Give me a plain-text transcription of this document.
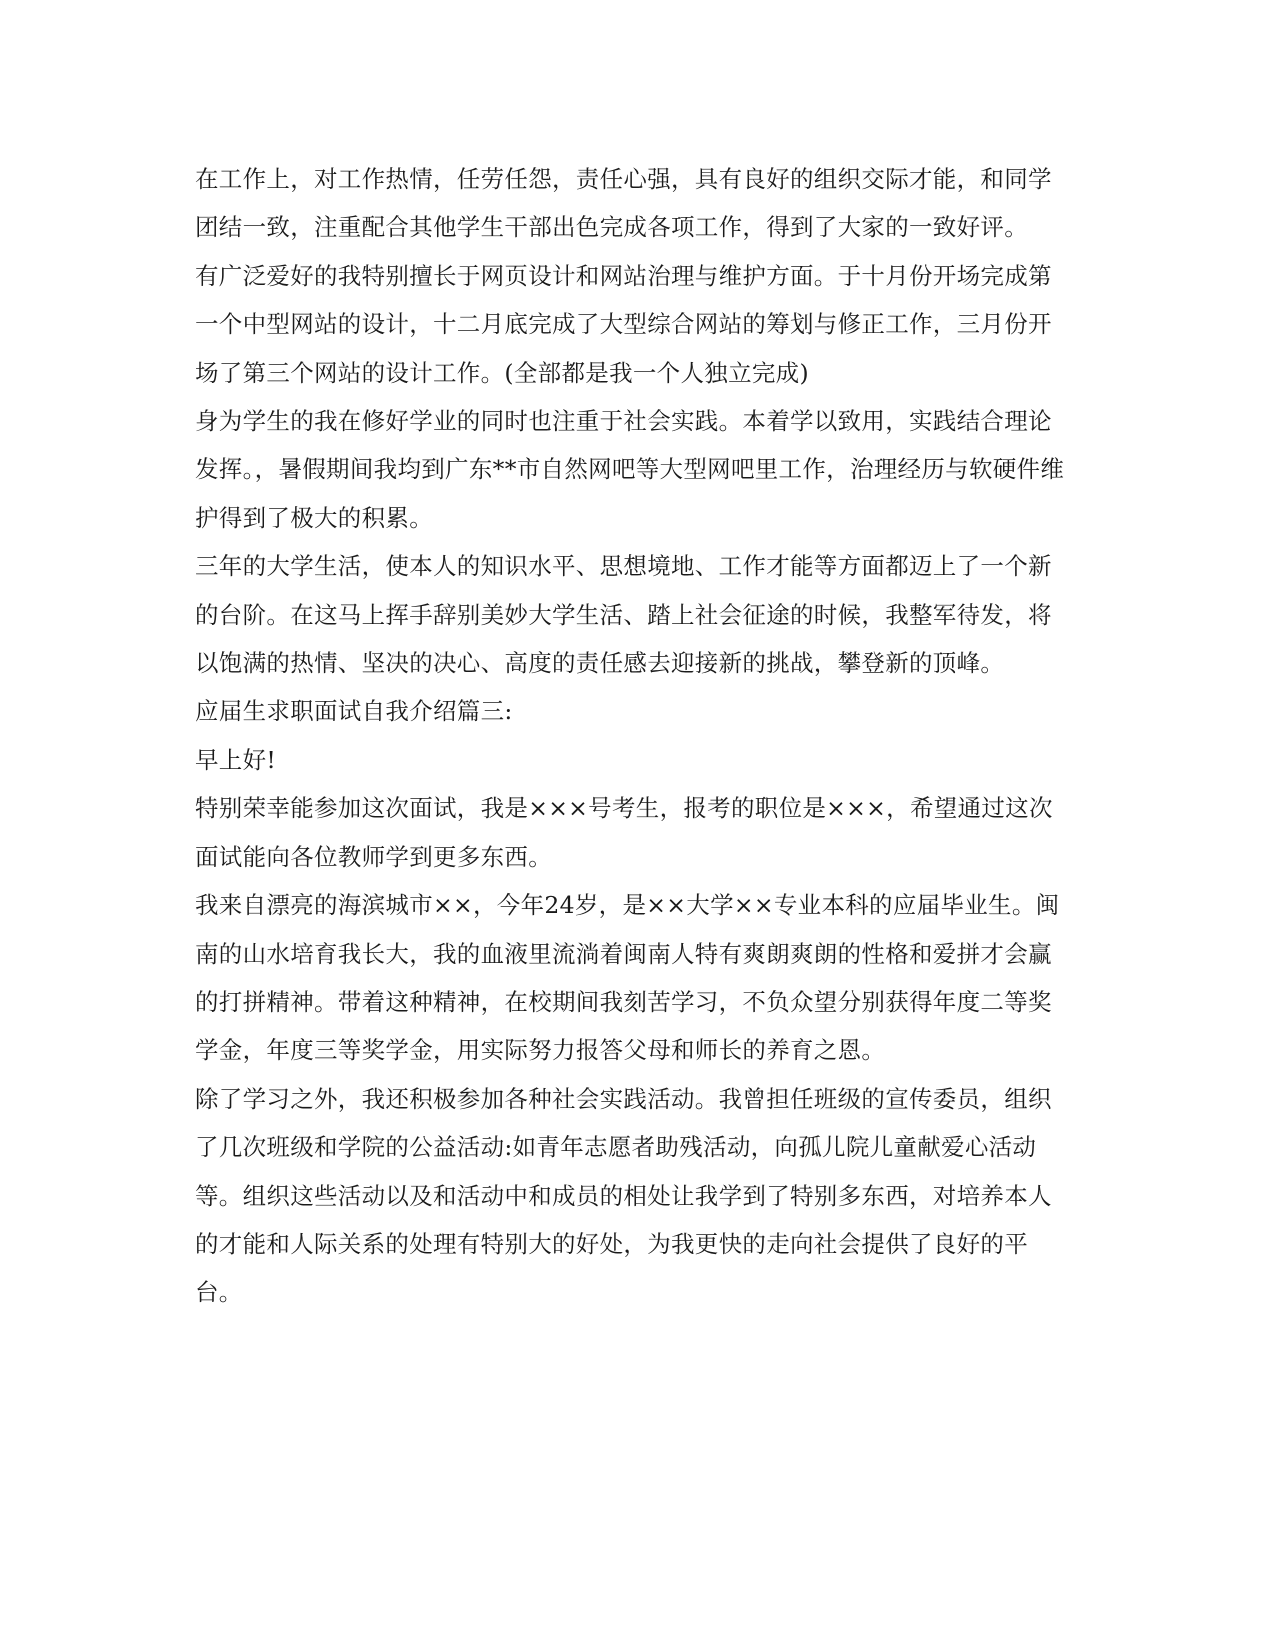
在工作上，对工作热情，任劳任怨，责任心强，具有良好的组织交际才能，和同学团结一致，注重配合其他学生干部出色完成各项工作，得到了大家的一致好评。

有广泛爱好的我特别擅长于网页设计和网站治理与维护方面。于十月份开场完成第一个中型网站的设计，十二月底完成了大型综合网站的筹划与修正工作，三月份开场了第三个网站的设计工作。(全部都是我一个人独立完成)

身为学生的我在修好学业的同时也注重于社会实践。本着学以致用，实践结合理论发挥。，暑假期间我均到广东**市自然网吧等大型网吧里工作，治理经历与软硬件维护得到了极大的积累。

三年的大学生活，使本人的知识水平、思想境地、工作才能等方面都迈上了一个新的台阶。在这马上挥手辞别美妙大学生活、踏上社会征途的时候，我整军待发，将以饱满的热情、坚决的决心、高度的责任感去迎接新的挑战，攀登新的顶峰。

应届生求职面试自我介绍篇三:

早上好!

特别荣幸能参加这次面试，我是×××号考生，报考的职位是×××，希望通过这次面试能向各位教师学到更多东西。

我来自漂亮的海滨城市××，今年24岁，是××大学××专业本科的应届毕业生。闽南的山水培育我长大，我的血液里流淌着闽南人特有爽朗爽朗的性格和爱拼才会赢的打拼精神。带着这种精神，在校期间我刻苦学习，不负众望分别获得年度二等奖学金，年度三等奖学金，用实际努力报答父母和师长的养育之恩。

除了学习之外，我还积极参加各种社会实践活动。我曾担任班级的宣传委员，组织了几次班级和学院的公益活动:如青年志愿者助残活动，向孤儿院儿童献爱心活动等。组织这些活动以及和活动中和成员的相处让我学到了特别多东西，对培养本人的才能和人际关系的处理有特别大的好处，为我更快的走向社会提供了良好的平台。
